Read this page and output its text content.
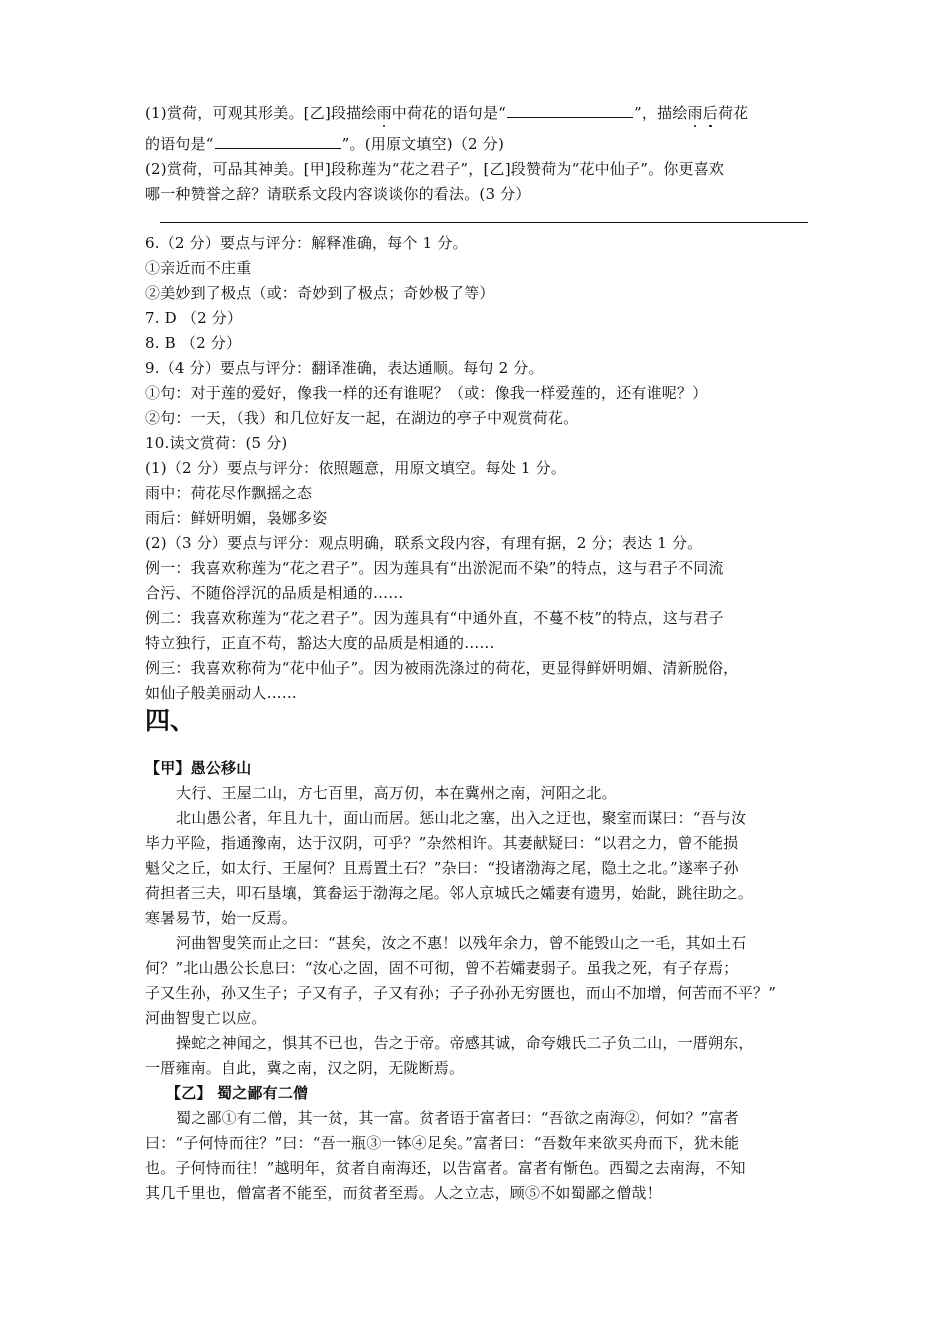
(1)赏荷，可观其形美。[乙]段描绘雨中荷花的语句是“	”，描绘雨后荷花
的语句是“	”。(用原文填空)（2 分)
(2)赏荷，可品其神美。[甲]段称莲为“花之君子”，[乙]段赞荷为“花中仙子”。你更喜欢
哪一种赞誉之辞？请联系文段内容谈谈你的看法。(3 分）
6.（2 分）要点与评分：解释准确，每个 1 分。
①亲近而不庄重
②美妙到了极点（或：奇妙到了极点；奇妙极了等）
7. D （2 分）
8. B （2 分）
9.（4 分）要点与评分：翻译准确，表达通顺。每句 2 分。
①句：对于莲的爱好，像我一样的还有谁呢？（或：像我一样爱莲的，还有谁呢？）
②句：一天，（我）和几位好友一起，在湖边的亭子中观赏荷花。
10.读文赏荷：(5 分)
(1)（2 分）要点与评分：依照题意，用原文填空。每处 1 分。
雨中：荷花尽作飘摇之态
雨后：鲜妍明媚，袅娜多姿
(2)（3 分）要点与评分：观点明确，联系文段内容，有理有据，2 分；表达 1 分。
例一：我喜欢称莲为“花之君子”。因为莲具有“出淤泥而不染”的特点，这与君子不同流
合污、不随俗浮沉的品质是相通的……
例二：我喜欢称莲为“花之君子”。因为莲具有“中通外直，不蔓不枝”的特点，这与君子
特立独行，正直不苟，豁达大度的品质是相通的……
例三：我喜欢称荷为“花中仙子”。因为被雨洗涤过的荷花，更显得鲜妍明媚、清新脱俗，
如仙子般美丽动人……
四、
【甲】愚公移山
大行、王屋二山，方七百里，高万仞，本在冀州之南，河阳之北。
北山愚公者，年且九十，面山而居。惩山北之塞，出入之迂也，聚室而谋曰：“吾与汝
毕力平险，指通豫南，达于汉阴，可乎？”杂然相许。其妻献疑曰：“以君之力，曾不能损
魁父之丘，如太行、王屋何？且焉置土石？”杂曰：“投诸渤海之尾，隐土之北。”遂率子孙
荷担者三夫，叩石垦壤，箕畚运于渤海之尾。邻人京城氏之孀妻有遗男，始龀，跳往助之。
寒暑易节，始一反焉。
河曲智叟笑而止之曰：“甚矣，汝之不惠！以残年余力，曾不能毁山之一毛，其如土石
何？”北山愚公长息曰：“汝心之固，固不可彻，曾不若孀妻弱子。虽我之死，有子存焉；
子又生孙，孙又生子；子又有子，子又有孙；子子孙孙无穷匮也，而山不加增，何苦而不平？”
河曲智叟亡以应。
操蛇之神闻之，惧其不已也，告之于帝。帝感其诚，命夸娥氏二子负二山，一厝朔东，
一厝雍南。自此，冀之南，汉之阴，无陇断焉。
【乙】 蜀之鄙有二僧
蜀之鄙①有二僧，其一贫，其一富。贫者语于富者曰：“吾欲之南海②，何如？”富者
曰：“子何恃而往？”曰：“吾一瓶③一钵④足矣。”富者曰：“吾数年来欲买舟而下，犹未能
也。子何恃而往！”越明年，贫者自南海还，以告富者。富者有惭色。西蜀之去南海，不知
其几千里也，僧富者不能至，而贫者至焉。人之立志，顾⑤不如蜀鄙之僧哉！
